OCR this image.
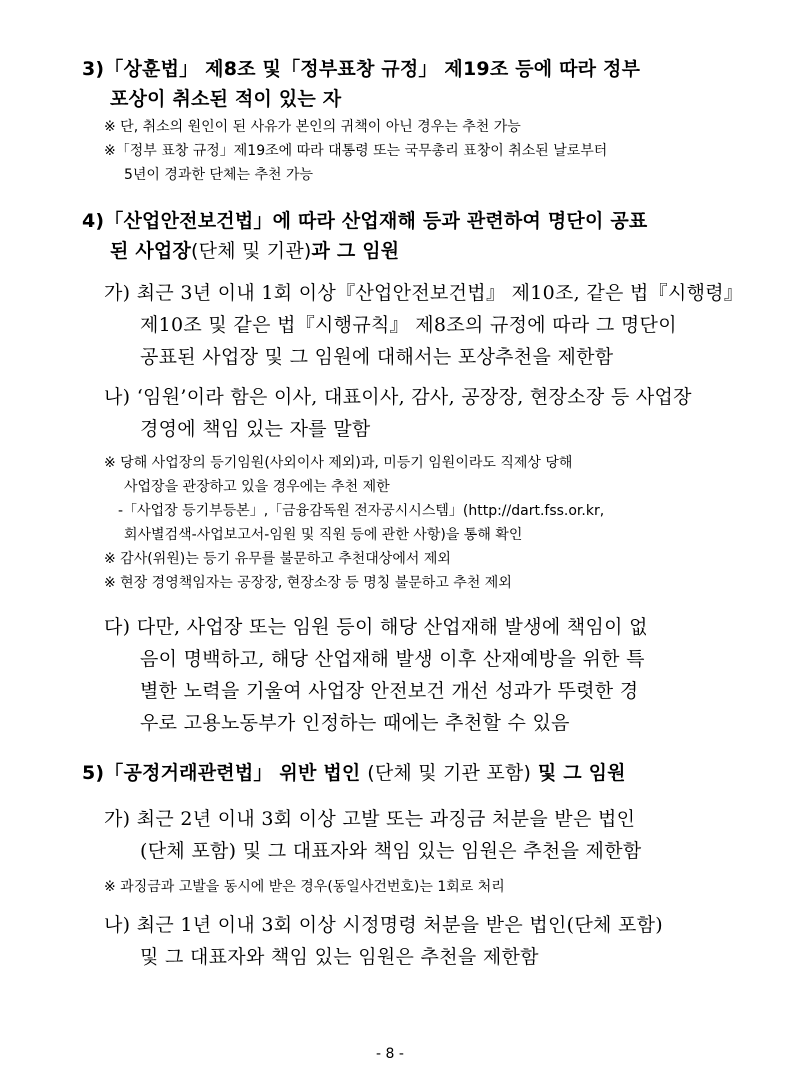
3)「상훈법」 제8조 및「정부표창 규정」 제19조 등에 따라 정부

포상이 취소된 적이 있는 자

※ 단, 취소의 원인이 된 사유가 본인의 귀책이 아닌 경우는 추천 가능

※「정부 표창 규정」제19조에 따라 대통령 또는 국무총리 표창이 취소된 날로부터

5년이 경과한 단체는 추천 가능

4)「산업안전보건법」에 따라 산업재해 등과 관련하여 명단이 공표

된 사업장(단체 및 기관)과 그 임원

가) 최근 3년 이내 1회 이상『산업안전보건법』 제10조, 같은 법『시행령』

제10조 및 같은 법『시행규칙』 제8조의 규정에 따라 그 명단이

공표된 사업장 및 그 임원에 대해서는 포상추천을 제한함

나) ‘임원’이라 함은 이사, 대표이사, 감사, 공장장, 현장소장 등 사업장

경영에 책임 있는 자를 말함

※ 당해 사업장의 등기임원(사외이사 제외)과, 미등기 임원이라도 직제상 당해

사업장을 관장하고 있을 경우에는 추천 제한

-「사업장 등기부등본」,「금융감독원 전자공시시스템」(http://dart.fss.or.kr,

회사별검색-사업보고서-임원 및 직원 등에 관한 사항)을 통해 확인

※ 감사(위원)는 등기 유무를 불문하고 추천대상에서 제외

※ 현장 경영책임자는 공장장, 현장소장 등 명칭 불문하고 추천 제외

다) 다만, 사업장 또는 임원 등이 해당 산업재해 발생에 책임이 없

음이 명백하고, 해당 산업재해 발생 이후 산재예방을 위한 특

별한 노력을 기울여 사업장 안전보건 개선 성과가 뚜렷한 경

우로 고용노동부가 인정하는 때에는 추천할 수 있음

5)「공정거래관련법」 위반 법인 (단체 및 기관 포함) 및 그 임원

가) 최근 2년 이내 3회 이상 고발 또는 과징금 처분을 받은 법인

(단체 포함) 및 그 대표자와 책임 있는 임원은 추천을 제한함

※ 과징금과 고발을 동시에 받은 경우(동일사건번호)는 1회로 처리

나) 최근 1년 이내 3회 이상 시정명령 처분을 받은 법인(단체 포함)

및 그 대표자와 책임 있는 임원은 추천을 제한함

- 8 -
